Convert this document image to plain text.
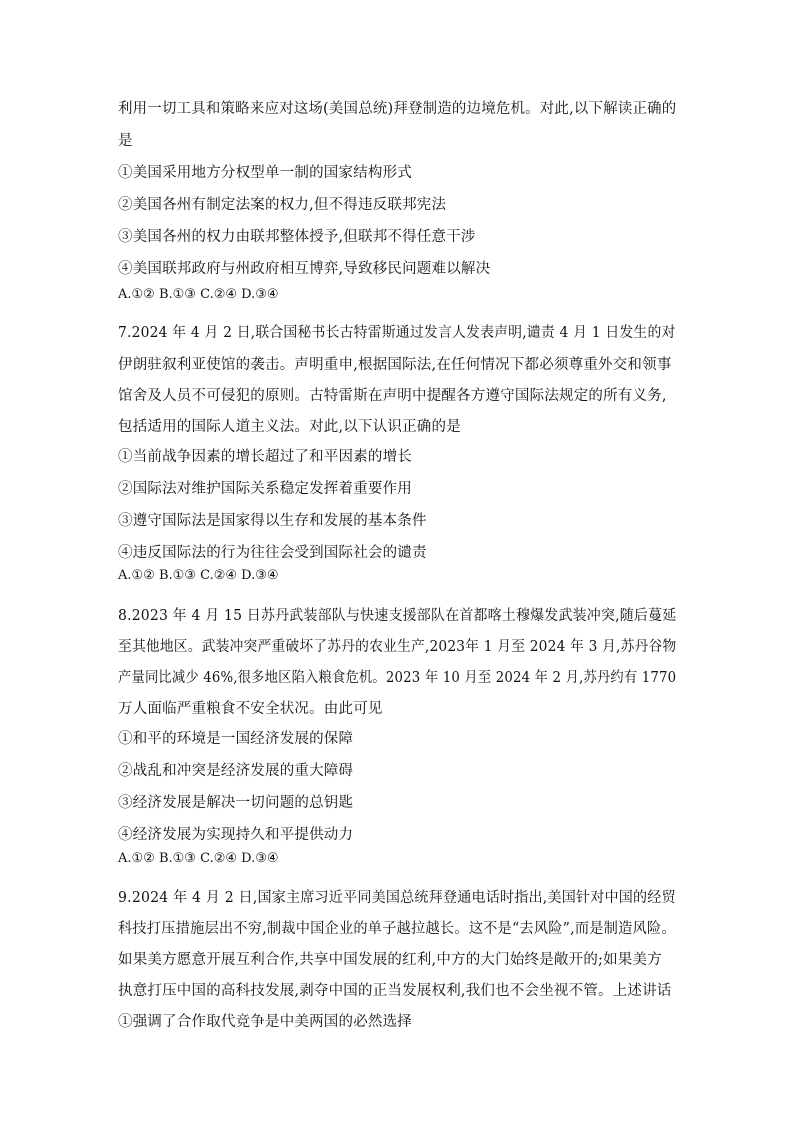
利用一切工具和策略来应对这场(美国总统)拜登制造的边境危机。对此,以下解读正确的
是
①美国采用地方分权型单一制的国家结构形式
②美国各州有制定法案的权力,但不得违反联邦宪法
③美国各州的权力由联邦整体授予,但联邦不得任意干涉
④美国联邦政府与州政府相互博弈,导致移民问题难以解决
A.①② B.①③ C.②④ D.③④
7.2024 年 4 月 2 日,联合国秘书长古特雷斯通过发言人发表声明,谴责 4 月 1 日发生的对
伊朗驻叙利亚使馆的袭击。声明重申,根据国际法,在任何情况下都必须尊重外交和领事
馆舍及人员不可侵犯的原则。古特雷斯在声明中提醒各方遵守国际法规定的所有义务,
包括适用的国际人道主义法。对此,以下认识正确的是
①当前战争因素的增长超过了和平因素的增长
②国际法对维护国际关系稳定发挥着重要作用
③遵守国际法是国家得以生存和发展的基本条件
④违反国际法的行为往往会受到国际社会的谴责
A.①② B.①③ C.②④ D.③④
8.2023 年 4 月 15 日苏丹武装部队与快速支援部队在首都喀土穆爆发武装冲突,随后蔓延
至其他地区。武装冲突严重破坏了苏丹的农业生产,2023年 1 月至 2024 年 3 月,苏丹谷物
产量同比减少 46%,很多地区陷入粮食危机。2023 年 10 月至 2024 年 2 月,苏丹约有 1770
万人面临严重粮食不安全状况。由此可见
①和平的环境是一国经济发展的保障
②战乱和冲突是经济发展的重大障碍
③经济发展是解决一切问题的总钥匙
④经济发展为实现持久和平提供动力
A.①② B.①③ C.②④ D.③④
9.2024 年 4 月 2 日,国家主席习近平同美国总统拜登通电话时指出,美国针对中国的经贸
科技打压措施层出不穷,制裁中国企业的单子越拉越长。这不是“去风险”,而是制造风险。
如果美方愿意开展互利合作,共享中国发展的红利,中方的大门始终是敞开的;如果美方
执意打压中国的高科技发展,剥夺中国的正当发展权利,我们也不会坐视不管。上述讲话
①强调了合作取代竞争是中美两国的必然选择
